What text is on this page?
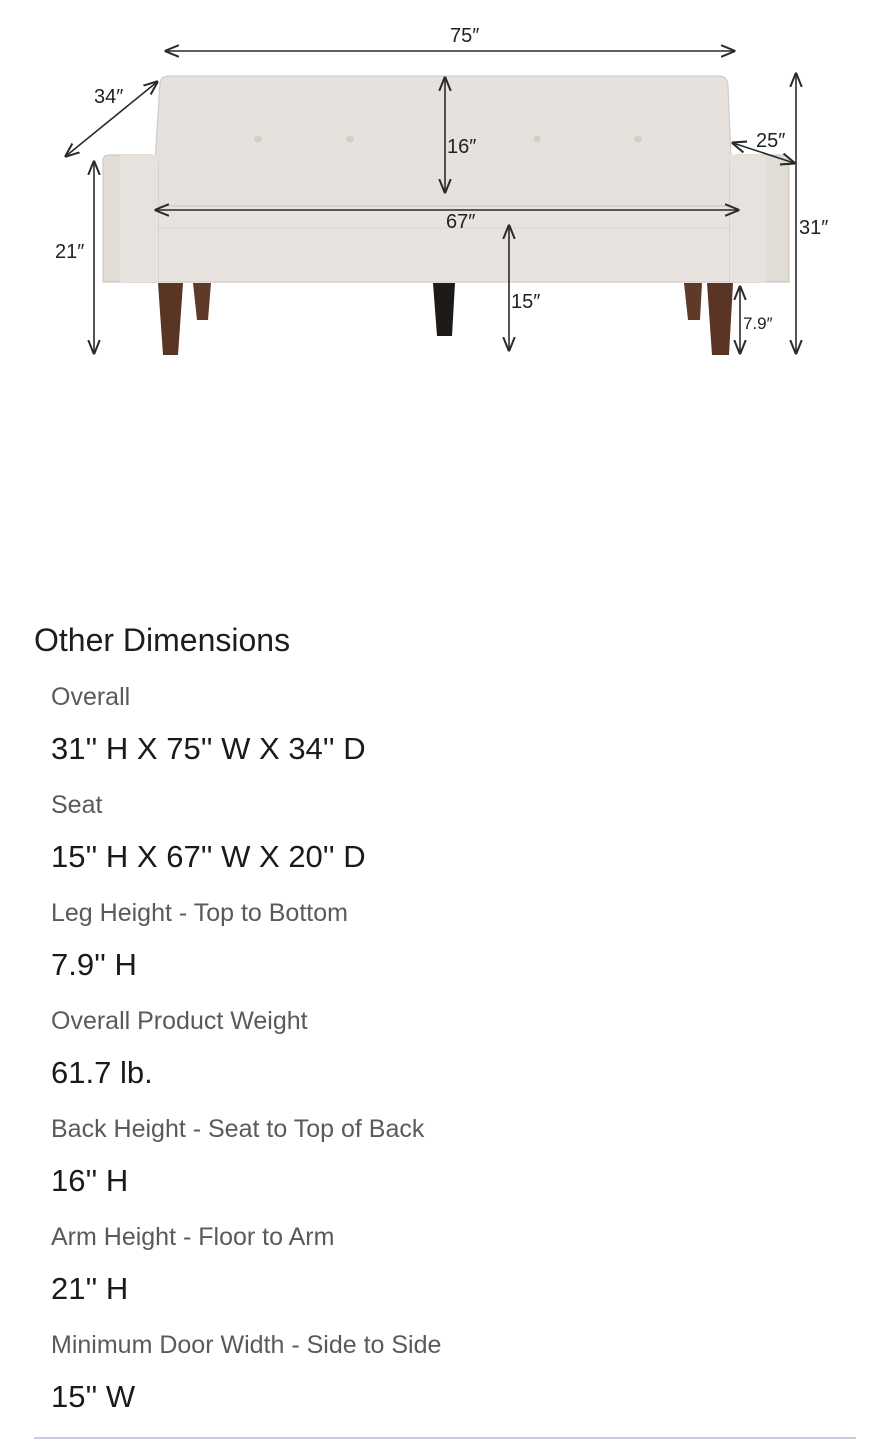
75″
34″
16″
67″
21″
15″
25″
31″
7.9″
Other Dimensions
Overall
31'' H X 75'' W X 34'' D
Seat
15'' H X 67'' W X 20'' D
Leg Height - Top to Bottom
7.9'' H
Overall Product Weight
61.7 lb.
Back Height - Seat to Top of Back
16'' H
Arm Height - Floor to Arm
21'' H
Minimum Door Width - Side to Side
15'' W
